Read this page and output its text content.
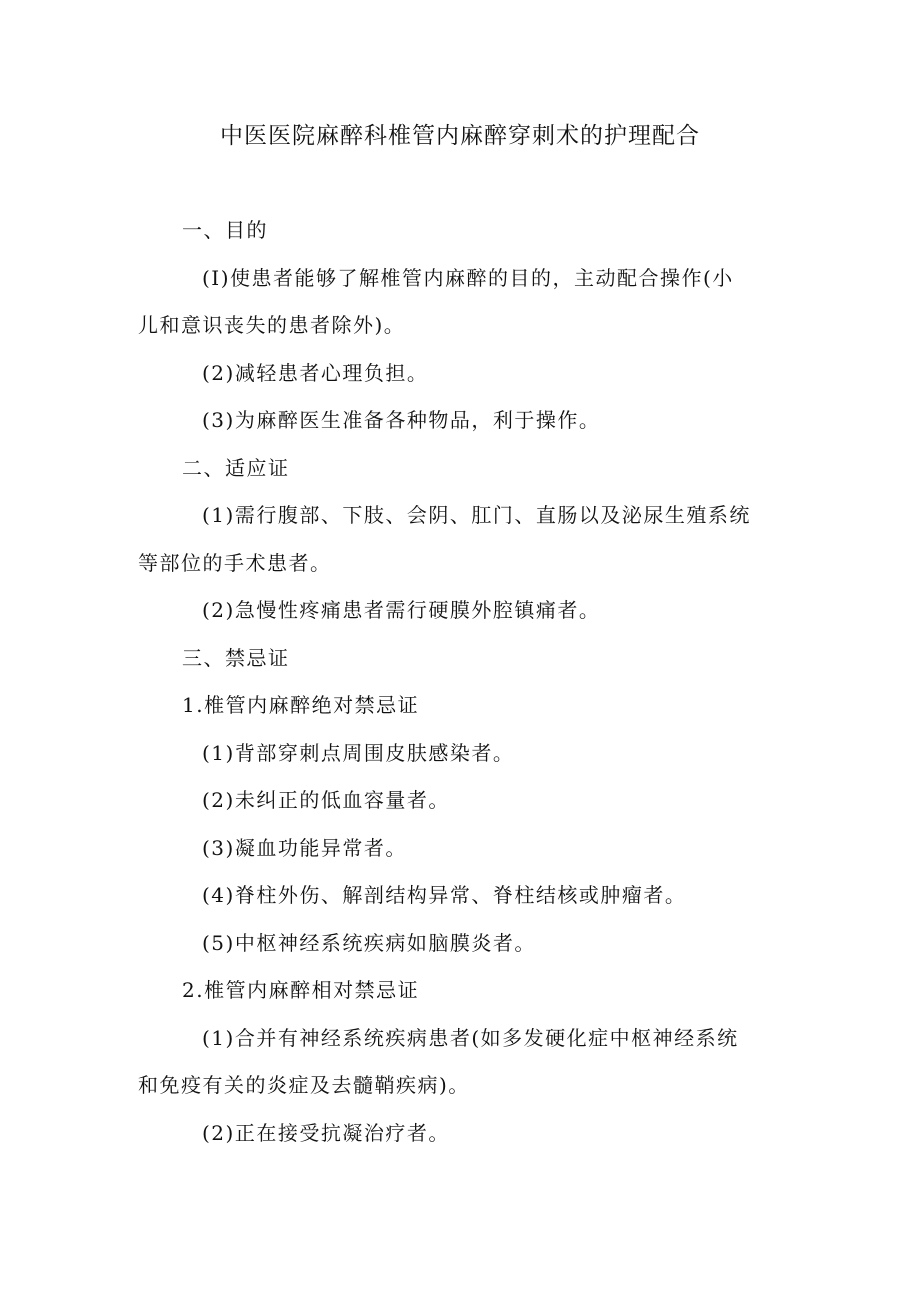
中医医院麻醉科椎管内麻醉穿刺术的护理配合
一、目的
(I)使患者能够了解椎管内麻醉的目的，主动配合操作(小
儿和意识丧失的患者除外)。
(2)减轻患者心理负担。
(3)为麻醉医生准备各种物品，利于操作。
二、适应证
(1)需行腹部、下肢、会阴、肛门、直肠以及泌尿生殖系统
等部位的手术患者。
(2)急慢性疼痛患者需行硬膜外腔镇痛者。
三、禁忌证
1.椎管内麻醉绝对禁忌证
(1)背部穿刺点周围皮肤感染者。
(2)未纠正的低血容量者。
(3)凝血功能异常者。
(4)脊柱外伤、解剖结构异常、脊柱结核或肿瘤者。
(5)中枢神经系统疾病如脑膜炎者。
2.椎管内麻醉相对禁忌证
(1)合并有神经系统疾病患者(如多发硬化症中枢神经系统
和免疫有关的炎症及去髓鞘疾病)。
(2)正在接受抗凝治疗者。
